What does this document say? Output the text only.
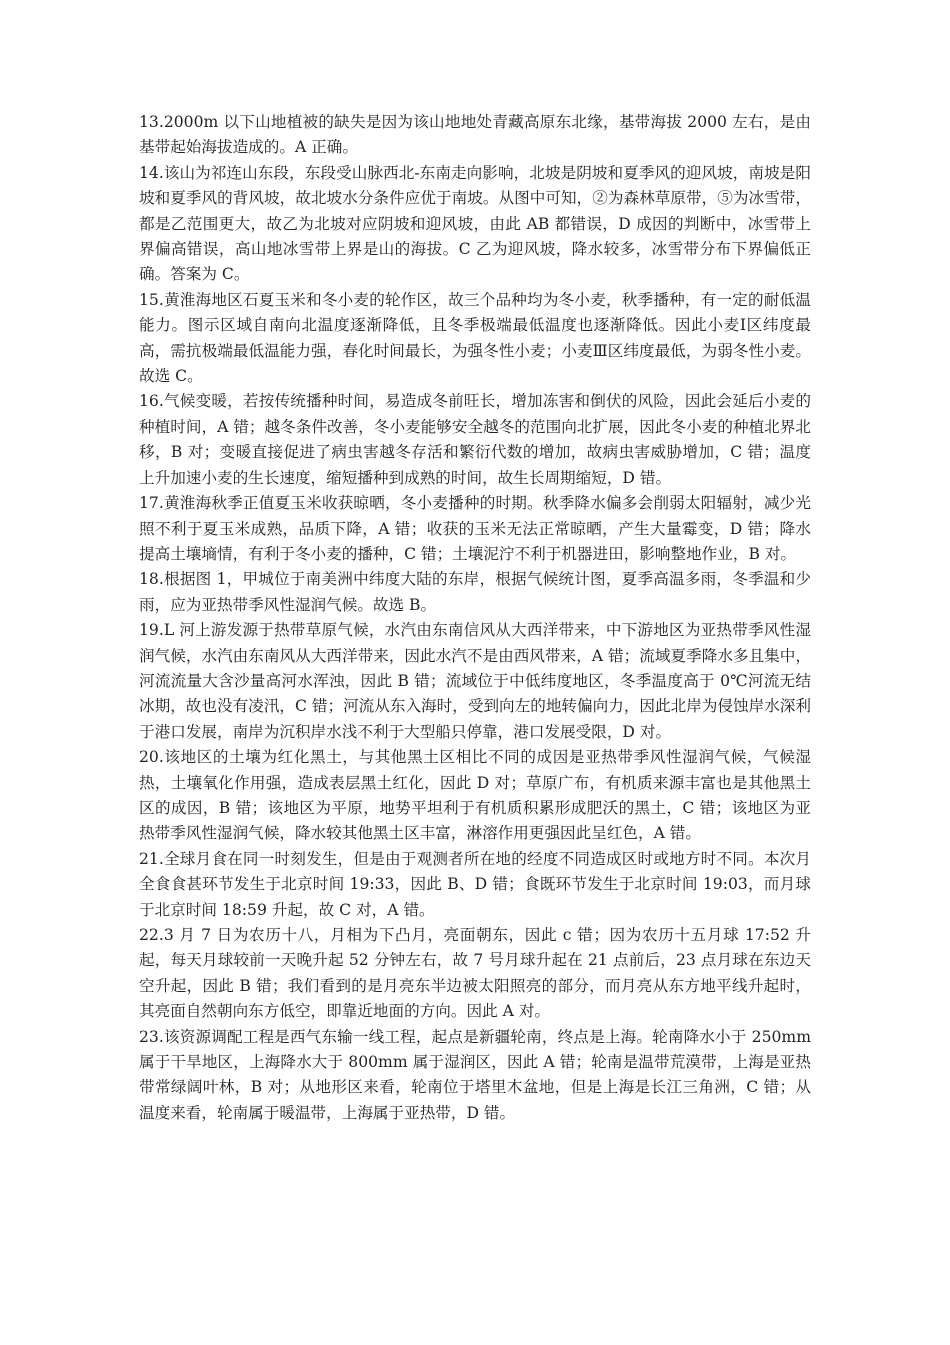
13.2000m 以下山地植被的缺失是因为该山地地处青藏高原东北缘，基带海拔 2000 左右，是由基带起始海拔造成的。A 正确。

14.该山为祁连山东段，东段受山脉西北-东南走向影响，北坡是阴坡和夏季风的迎风坡，南坡是阳坡和夏季风的背风坡，故北坡水分条件应优于南坡。从图中可知，②为森林草原带，⑤为冰雪带，都是乙范围更大，故乙为北坡对应阴坡和迎风坡，由此 AB 都错误，D 成因的判断中，冰雪带上界偏高错误，高山地冰雪带上界是山的海拔。C 乙为迎风坡，降水较多，冰雪带分布下界偏低正确。答案为 C。

15.黄淮海地区石夏玉米和冬小麦的轮作区，故三个品种均为冬小麦，秋季播种，有一定的耐低温能力。图示区域自南向北温度逐渐降低，且冬季极端最低温度也逐渐降低。因此小麦Ⅰ区纬度最高，需抗极端最低温能力强，春化时间最长，为强冬性小麦；小麦Ⅲ区纬度最低，为弱冬性小麦。故选 C。

16.气候变暖，若按传统播种时间，易造成冬前旺长，增加冻害和倒伏的风险，因此会延后小麦的种植时间，A 错；越冬条件改善，冬小麦能够安全越冬的范围向北扩展，因此冬小麦的种植北界北移，B 对；变暖直接促进了病虫害越冬存活和繁衍代数的增加，故病虫害威胁增加，C 错；温度上升加速小麦的生长速度，缩短播种到成熟的时间，故生长周期缩短，D 错。

17.黄淮海秋季正值夏玉米收获晾晒，冬小麦播种的时期。秋季降水偏多会削弱太阳辐射，减少光照不利于夏玉米成熟，品质下降，A 错；收获的玉米无法正常晾晒，产生大量霉变，D 错；降水提高土壤墒情，有利于冬小麦的播种，C 错；土壤泥泞不利于机器进田，影响整地作业，B 对。

18.根据图 1，甲城位于南美洲中纬度大陆的东岸，根据气候统计图，夏季高温多雨，冬季温和少雨，应为亚热带季风性湿润气候。故选 B。

19.L 河上游发源于热带草原气候，水汽由东南信风从大西洋带来，中下游地区为亚热带季风性湿润气候，水汽由东南风从大西洋带来，因此水汽不是由西风带来，A 错；流域夏季降水多且集中，河流流量大含沙量高河水浑浊，因此 B 错；流域位于中低纬度地区，冬季温度高于 0℃河流无结冰期，故也没有凌汛，C 错；河流从东入海时，受到向左的地转偏向力，因此北岸为侵蚀岸水深利于港口发展，南岸为沉积岸水浅不利于大型船只停靠，港口发展受限，D 对。

20.该地区的土壤为红化黑土，与其他黑土区相比不同的成因是亚热带季风性湿润气候，气候湿热，土壤氧化作用强，造成表层黑土红化，因此 D 对；草原广布，有机质来源丰富也是其他黑土区的成因，B 错；该地区为平原，地势平坦利于有机质积累形成肥沃的黑土，C 错；该地区为亚热带季风性湿润气候，降水较其他黑土区丰富，淋溶作用更强因此呈红色，A 错。

21.全球月食在同一时刻发生，但是由于观测者所在地的经度不同造成区时或地方时不同。本次月全食食甚环节发生于北京时间 19:33，因此 B、D 错；食既环节发生于北京时间 19:03，而月球于北京时间 18:59 升起，故 C 对，A 错。

22.3 月 7 日为农历十八，月相为下凸月，亮面朝东，因此 c 错；因为农历十五月球 17:52 升起，每天月球较前一天晚升起 52 分钟左右，故 7 号月球升起在 21 点前后，23 点月球在东边天空升起，因此 B 错；我们看到的是月亮东半边被太阳照亮的部分，而月亮从东方地平线升起时，其亮面自然朝向东方低空，即靠近地面的方向。因此 A 对。

23.该资源调配工程是西气东输一线工程，起点是新疆轮南，终点是上海。轮南降水小于 250mm 属于干旱地区，上海降水大于 800mm 属于湿润区，因此 A 错；轮南是温带荒漠带，上海是亚热带常绿阔叶林，B 对；从地形区来看，轮南位于塔里木盆地，但是上海是长江三角洲，C 错；从温度来看，轮南属于暖温带，上海属于亚热带，D 错。
